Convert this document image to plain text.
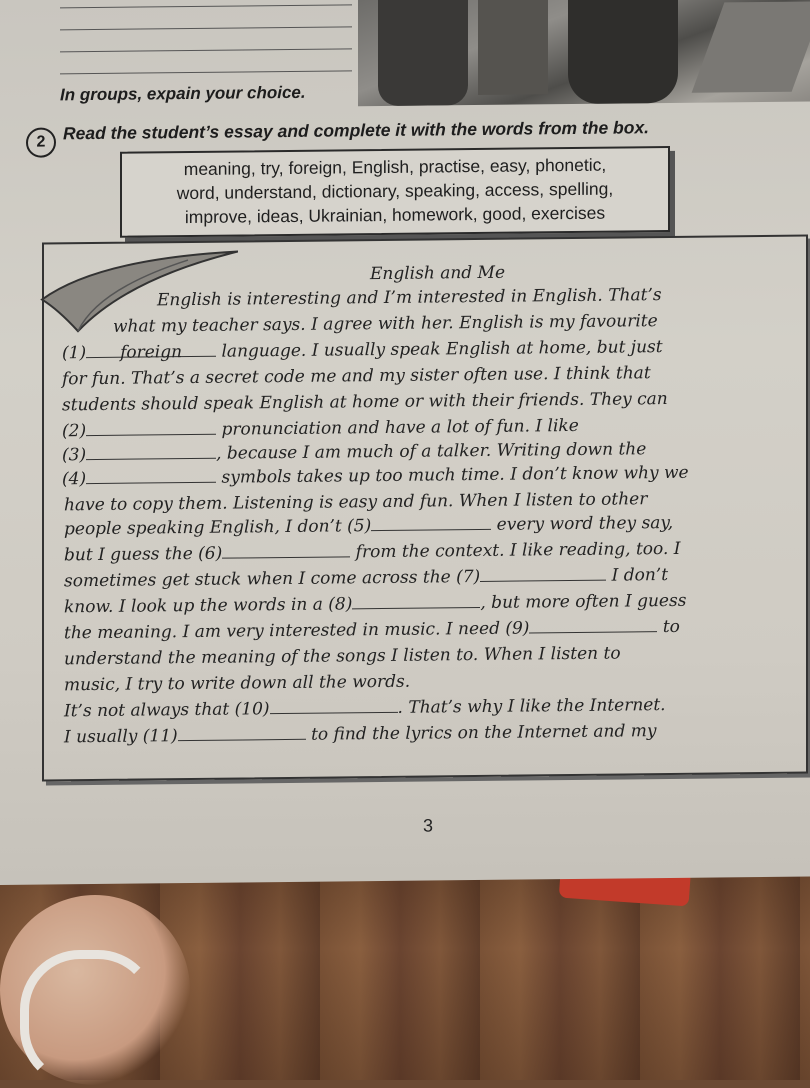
In groups, expain your choice.
2	Read the student’s essay and complete it with the words from the box.
meaning, try, foreign, English, practise, easy, phonetic,
word, understand, dictionary, speaking, access, spelling,
improve, ideas, Ukrainian, homework, good, exercises
English and Me
English is interesting and I’m interested in English. That’s
what my teacher says. I agree with her. English is my favourite
(1) foreign language. I usually speak English at home, but just
for fun. That’s a secret code me and my sister often use. I think that
students should speak English at home or with their friends. They can
(2)	pronunciation and have a lot of fun. I like
(3)	, because I am much of a talker. Writing down the
(4)	symbols takes up too much time. I don’t know why we
have to copy them. Listening is easy and fun. When I listen to other
people speaking English, I don’t (5)	every word they say,
but I guess the (6)	from the context. I like reading, too. I
sometimes get stuck when I come across the (7)	I don’t
know. I look up the words in a (8)	, but more often I guess
the meaning. I am very interested in music. I need (9)	to
understand the meaning of the songs I listen to. When I listen to
music, I try to write down all the words.
It’s not always that (10)	. That’s why I like the Internet.
I usually (11)	to find the lyrics on the Internet and my
3
